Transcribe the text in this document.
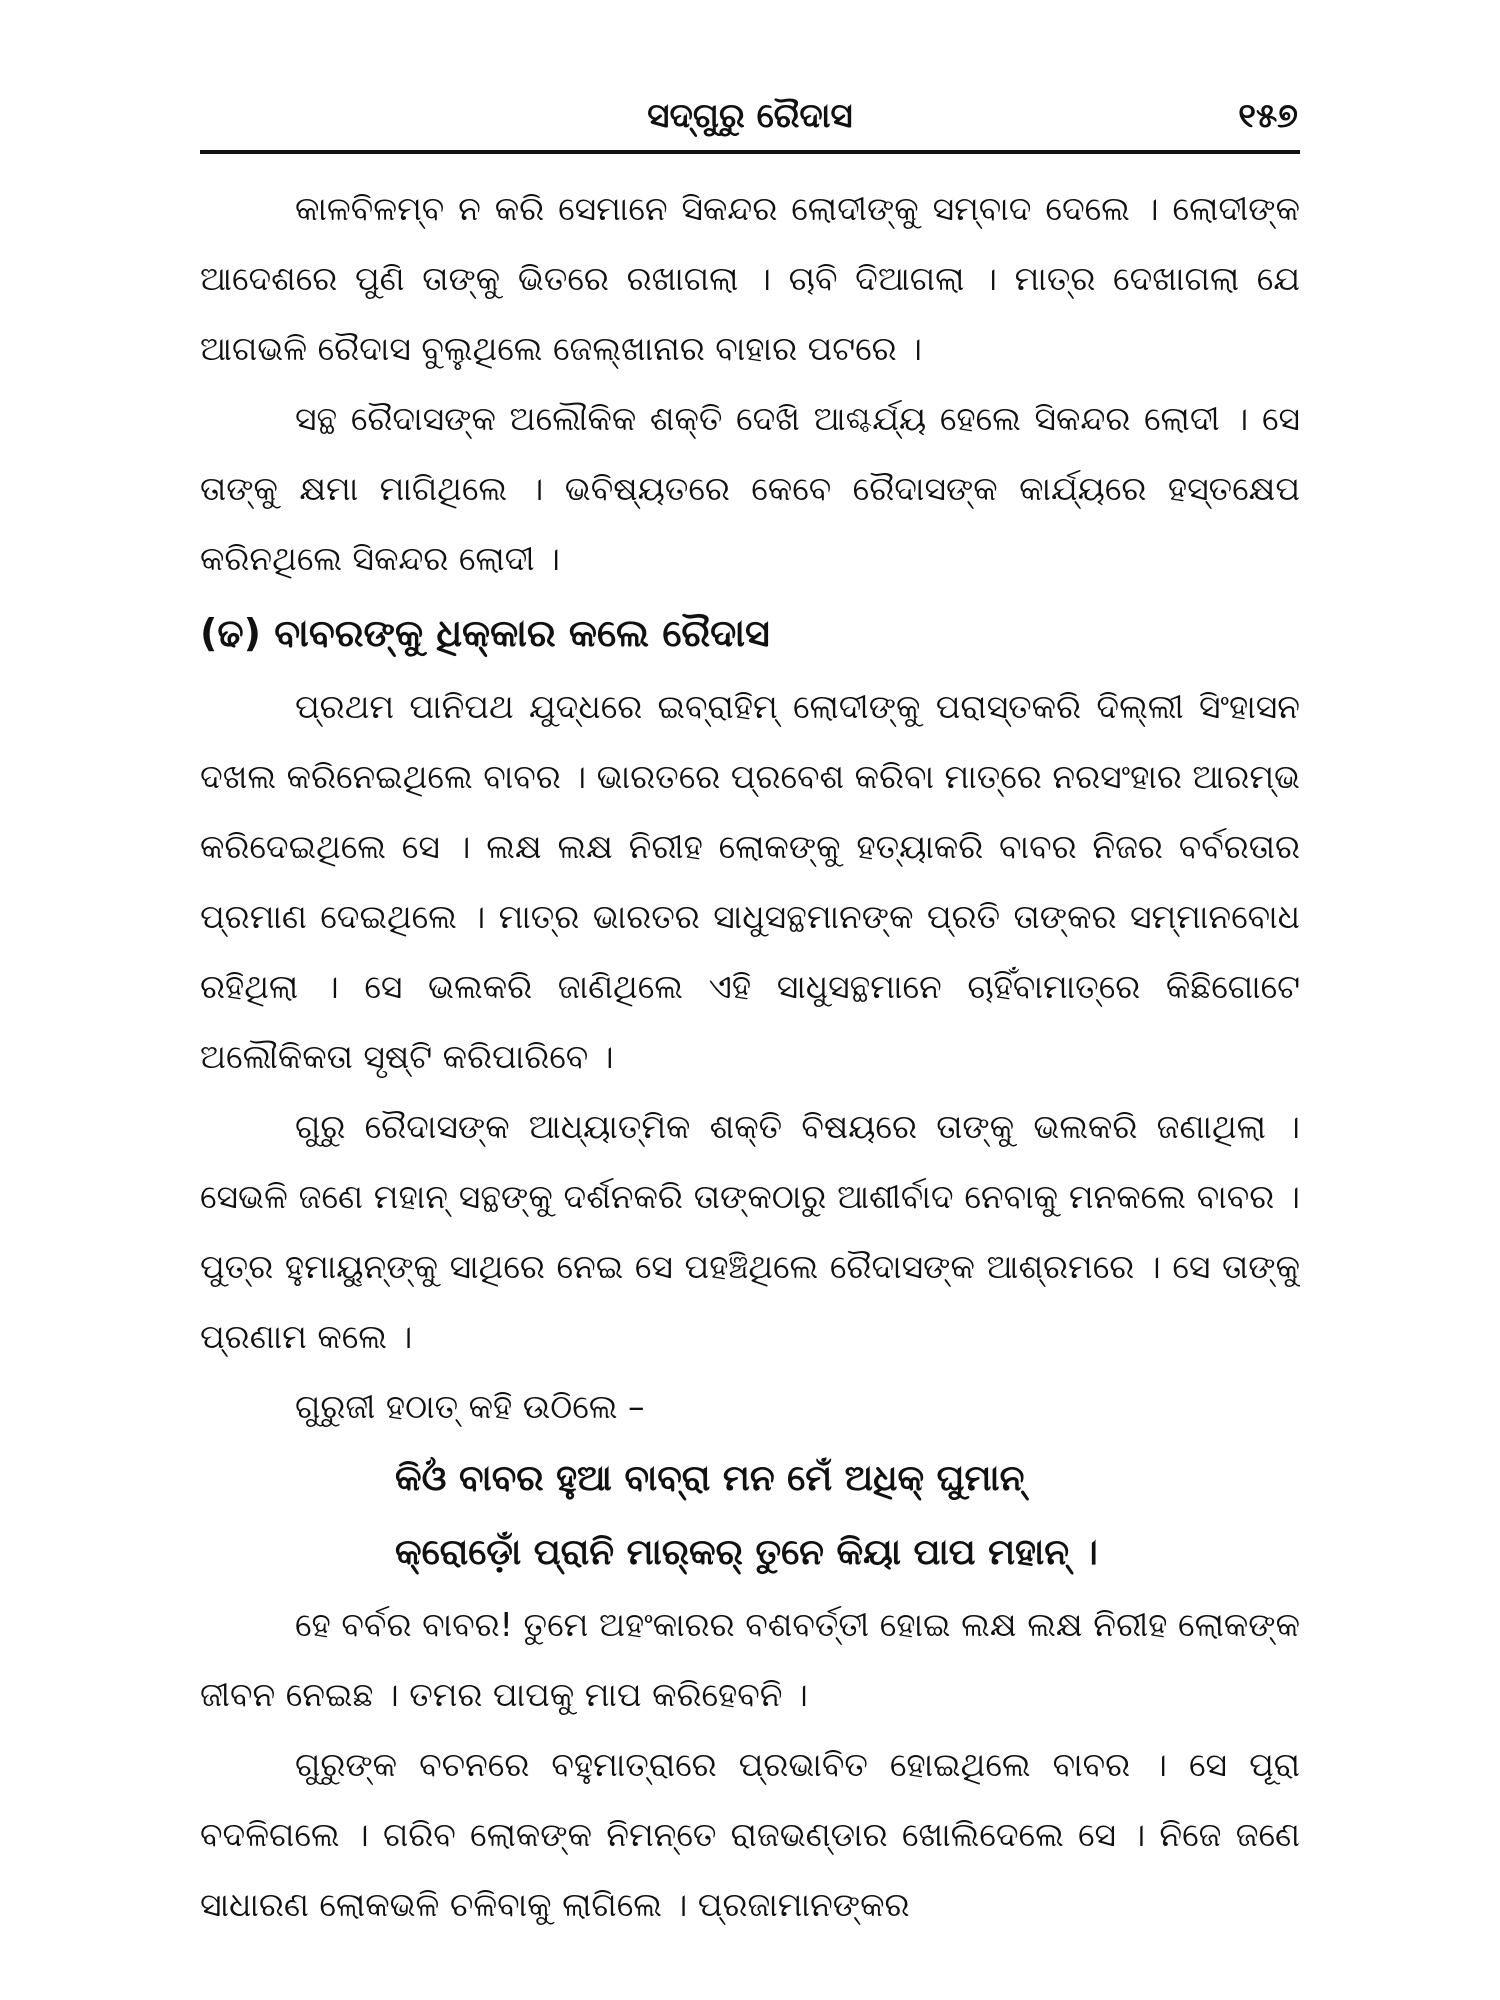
ସଦ୍‌ଗୁରୁ ରୈଦାସ	୧୫୭

କାଳବିଳମ୍ବ ନ କରି ସେମାନେ ସିକନ୍ଦର ଲୋଦୀଙ୍କୁ ସମ୍ବାଦ ଦେଲେ । ଲୋଦୀଙ୍କ ଆଦେଶରେ ପୁଣି ତାଙ୍କୁ ଭିତରେ ରଖାଗଲା । ଚାବି ଦିଆଗଲା । ମାତ୍ର ଦେଖାଗଲା ଯେ ଆଗଭଳି ରୈଦାସ ବୁଲୁଥିଲେ ଜେଲ୍‌ଖାନାର ବାହାର ପଟରେ ।

ସନ୍ଥ ରୈଦାସଙ୍କ ଅଲୌକିକ ଶକ୍ତି ଦେଖି ଆଶ୍ଚର୍ଯ୍ୟ ହେଲେ ସିକନ୍ଦର ଲୋଦୀ । ସେ ତାଙ୍କୁ କ୍ଷମା ମାଗିଥିଲେ । ଭବିଷ୍ୟତରେ କେବେ ରୈଦାସଙ୍କ କାର୍ଯ୍ୟରେ ହସ୍ତକ୍ଷେପ କରିନଥିଲେ ସିକନ୍ଦର ଲୋଦୀ ।

(ଢ) ବାବରଙ୍କୁ ଧିକ୍କାର କଲେ ରୈଦାସ

ପ୍ରଥମ ପାନିପଥ ଯୁଦ୍ଧରେ ଇବ୍ରାହିମ୍ ଲୋଦୀଙ୍କୁ ପରାସ୍ତକରି ଦିଲ୍ଲୀ ସିଂହାସନ ଦଖଲ କରିନେଇଥିଲେ ବାବର । ଭାରତରେ ପ୍ରବେଶ କରିବା ମାତ୍ରେ ନରସଂହାର ଆରମ୍ଭ କରିଦେଇଥିଲେ ସେ । ଲକ୍ଷ ଲକ୍ଷ ନିରୀହ ଲୋକଙ୍କୁ ହତ୍ୟାକରି ବାବର ନିଜର ବର୍ବରତାର ପ୍ରମାଣ ଦେଇଥିଲେ । ମାତ୍ର ଭାରତର ସାଧୁସନ୍ଥମାନଙ୍କ ପ୍ରତି ତାଙ୍କର ସମ୍ମାନବୋଧ ରହିଥିଲା । ସେ ଭଲକରି ଜାଣିଥିଲେ ଏହି ସାଧୁସନ୍ଥମାନେ ଚାହିଁବାମାତ୍ରେ କିଛିଗୋଟେ ଅଲୌକିକତା ସୃଷ୍ଟି କରିପାରିବେ ।

ଗୁରୁ ରୈଦାସଙ୍କ ଆଧ୍ୟାତ୍ମିକ ଶକ୍ତି ବିଷୟରେ ତାଙ୍କୁ ଭଲକରି ଜଣାଥିଲା । ସେଭଳି ଜଣେ ମହାନ୍ ସନ୍ଥଙ୍କୁ ଦର୍ଶନକରି ତାଙ୍କଠାରୁ ଆଶୀର୍ବାଦ ନେବାକୁ ମନକଲେ ବାବର । ପୁତ୍ର ହୁମାୟୁନ୍‌ଙ୍କୁ ସାଥିରେ ନେଇ ସେ ପହଞ୍ଚିଥିଲେ ରୈଦାସଙ୍କ ଆଶ୍ରମରେ । ସେ ତାଙ୍କୁ ପ୍ରଣାମ କଲେ ।

ଗୁରୁଜୀ ହଠାତ୍ କହି ଉଠିଲେ –

କିଓଁ ବାବର ହୁଆ ବାବ୍ରା ମନ ମେଁ ଅଧିକ୍ ଘୁମାନ୍

କ୍ରୋଡ଼ୋଁ ପ୍ରାନି ମାର୍‌କର୍ ତୁନେ କିୟା ପାପ ମହାନ୍ ।

ହେ ବର୍ବର ବାବର! ତୁମେ ଅହଂକାରର ବଶବର୍ତ୍ତୀ ହୋଇ ଲକ୍ଷ ଲକ୍ଷ ନିରୀହ ଲୋକଙ୍କ ଜୀବନ ନେଇଛ । ତମର ପାପକୁ ମାପ କରିହେବନି ।

ଗୁରୁଙ୍କ ବଚନରେ ବହୁମାତ୍ରାରେ ପ୍ରଭାବିତ ହୋଇଥିଲେ ବାବର । ସେ ପୂରା ବଦଳିଗଲେ । ଗରିବ ଲୋକଙ୍କ ନିମନ୍ତେ ରାଜଭଣ୍ଡାର ଖୋଲିଦେଲେ ସେ । ନିଜେ ଜଣେ ସାଧାରଣ ଲୋକଭଳି ଚଳିବାକୁ ଲାଗିଲେ । ପ୍ରଜାମାନଙ୍କର
